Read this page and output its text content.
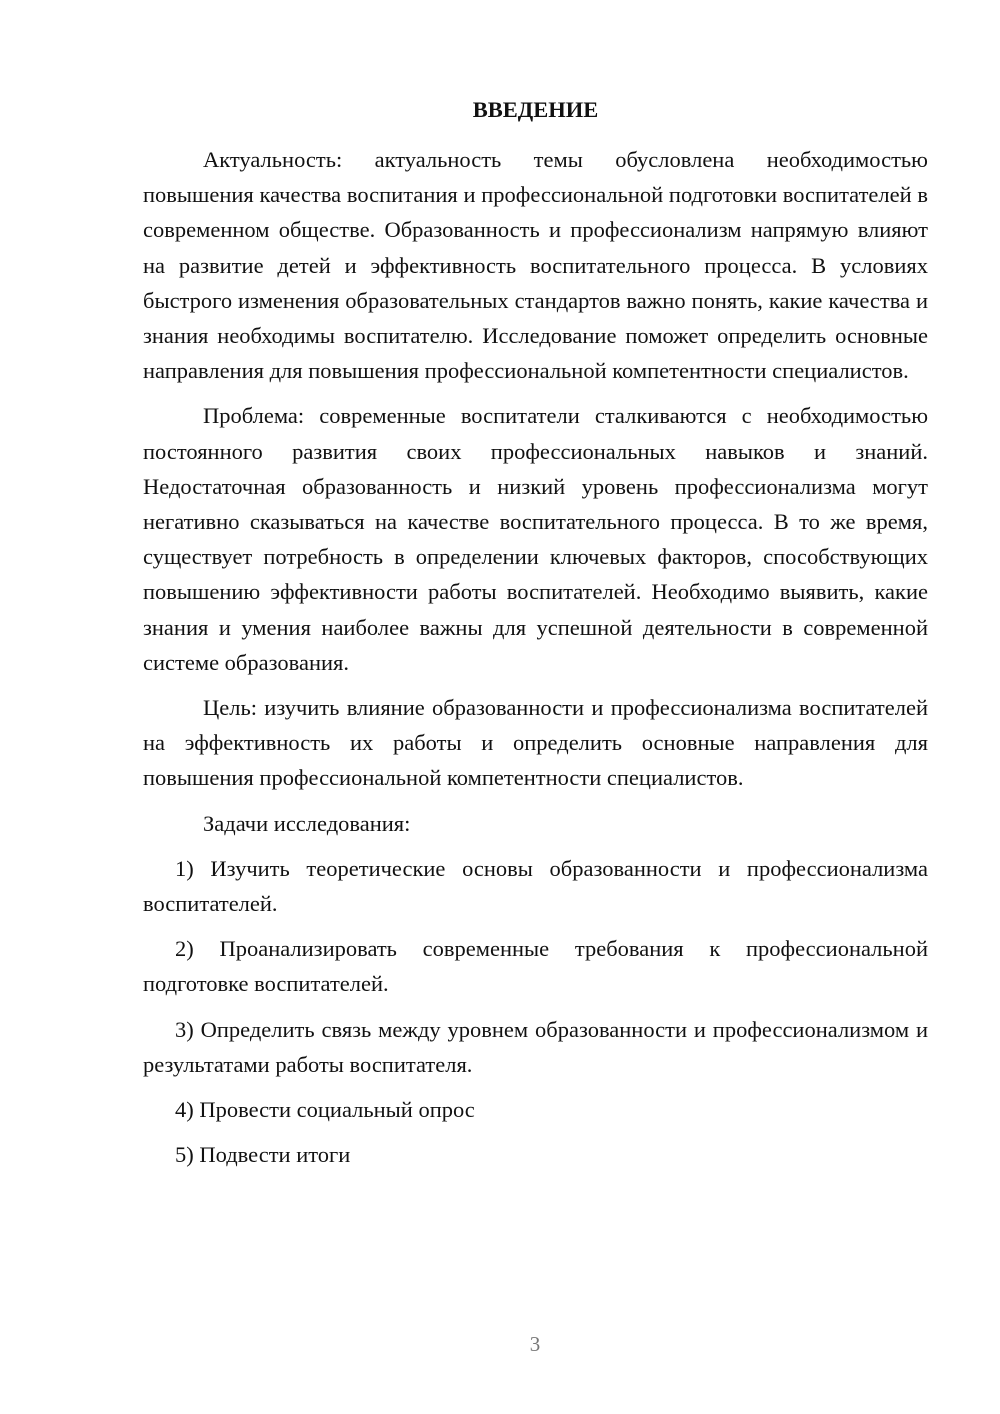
ВВЕДЕНИЕ

Актуальность: актуальность темы обусловлена необходимостью повышения качества воспитания и профессиональной подготовки воспитателей в современном обществе. Образованность и профессионализм напрямую влияют на развитие детей и эффективность воспитательного процесса. В условиях быстрого изменения образовательных стандартов важно понять, какие качества и знания необходимы воспитателю. Исследование поможет определить основные направления для повышения профессиональной компетентности специалистов.

Проблема: современные воспитатели сталкиваются с необходимостью постоянного развития своих профессиональных навыков и знаний. Недостаточная образованность и низкий уровень профессионализма могут негативно сказываться на качестве воспитательного процесса. В то же время, существует потребность в определении ключевых факторов, способствующих повышению эффективности работы воспитателей. Необходимо выявить, какие знания и умения наиболее важны для успешной деятельности в современной системе образования.

Цель: изучить влияние образованности и профессионализма воспитателей на эффективность их работы и определить основные направления для повышения профессиональной компетентности специалистов.

Задачи исследования:

1) Изучить теоретические основы образованности и профессионализма воспитателей.

2) Проанализировать современные требования к профессиональной подготовке воспитателей.

3) Определить связь между уровнем образованности и профессионализмом и результатами работы воспитателя.

4) Провести социальный опрос

5) Подвести итоги

3
